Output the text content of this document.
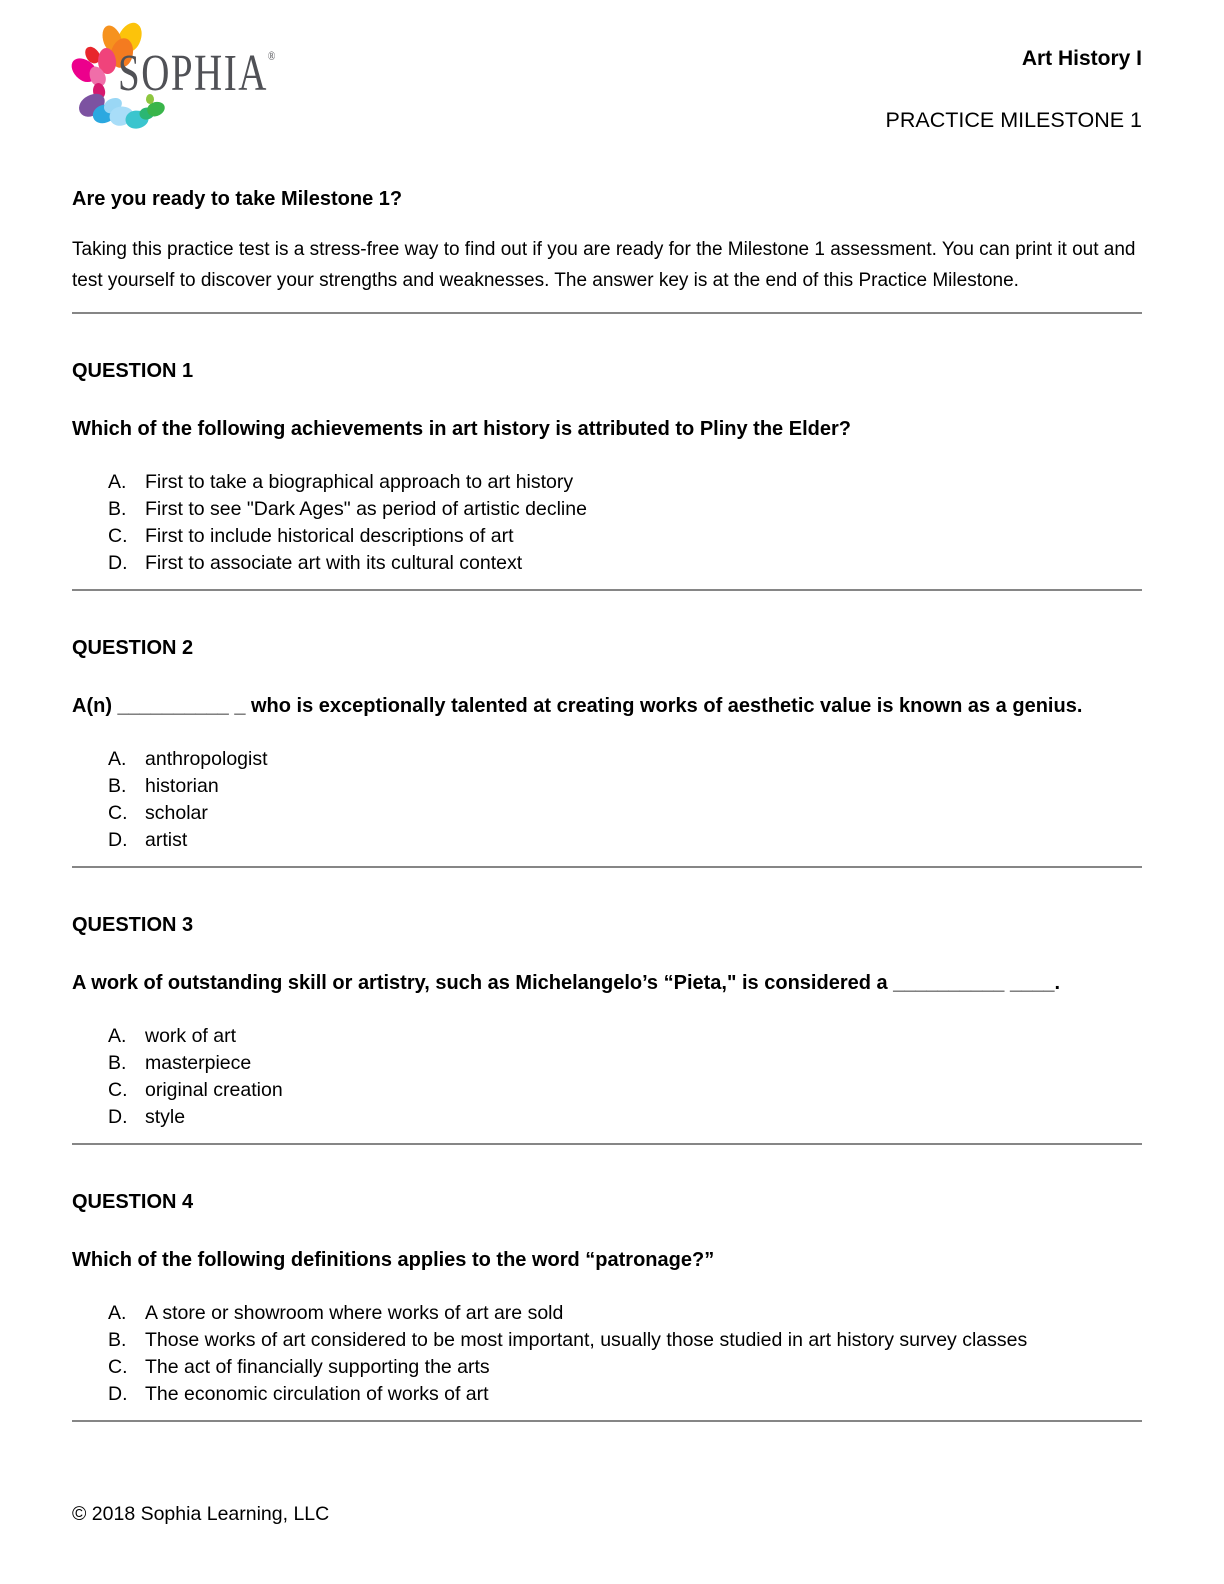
SOPHIA®	Art History I
PRACTICE MILESTONE 1
Are you ready to take Milestone 1?

Taking this practice test is a stress-free way to find out if you are ready for the Milestone 1 assessment. You can print it out and test yourself to discover your strengths and weaknesses. The answer key is at the end of this Practice Milestone.

QUESTION 1

Which of the following achievements in art history is attributed to Pliny the Elder?

A. First to take a biographical approach to art history
B. First to see "Dark Ages" as period of artistic decline
C. First to include historical descriptions of art
D. First to associate art with its cultural context
QUESTION 2

A(n) __________ _ who is exceptionally talented at creating works of aesthetic value is known as a genius.

A. anthropologist
B. historian
C. scholar
D. artist
QUESTION 3

A work of outstanding skill or artistry, such as Michelangelo’s “Pieta," is considered a __________ ____.

A. work of art
B. masterpiece
C. original creation
D. style
QUESTION 4

Which of the following definitions applies to the word “patronage?”

A. A store or showroom where works of art are sold
B. Those works of art considered to be most important, usually those studied in art history survey classes
C. The act of financially supporting the arts
D. The economic circulation of works of art
© 2018 Sophia Learning, LLC
